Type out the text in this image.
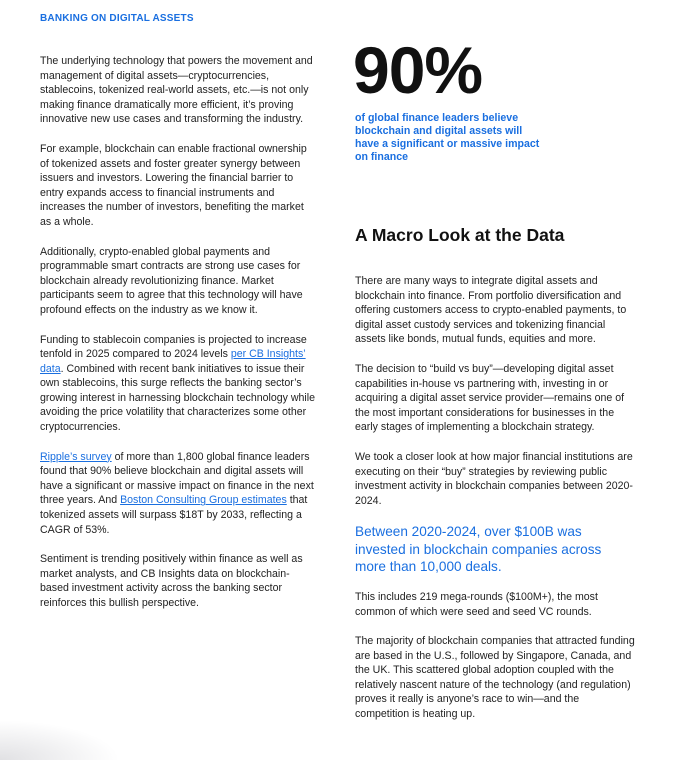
BANKING ON DIGITAL ASSETS

The underlying technology that powers the movement and management of digital assets—cryptocurrencies, stablecoins, tokenized real-world assets, etc.—is not only making finance dramatically more efficient, it’s proving innovative new use cases and transforming the industry.

For example, blockchain can enable fractional ownership of tokenized assets and foster greater synergy between issuers and investors. Lowering the financial barrier to entry expands access to financial instruments and increases the number of investors, benefiting the market as a whole.

Additionally, crypto-enabled global payments and programmable smart contracts are strong use cases for blockchain already revolutionizing finance. Market participants seem to agree that this technology will have profound effects on the industry as we know it.

Funding to stablecoin companies is projected to increase tenfold in 2025 compared to 2024 levels per CB Insights’ data. Combined with recent bank initiatives to issue their own stablecoins, this surge reflects the banking sector’s growing interest in harnessing blockchain technology while avoiding the price volatility that characterizes some other cryptocurrencies.

Ripple’s survey of more than 1,800 global finance leaders found that 90% believe blockchain and digital assets will have a significant or massive impact on finance in the next three years. And Boston Consulting Group estimates that tokenized assets will surpass $18T by 2033, reflecting a CAGR of 53%.

Sentiment is trending positively within finance as well as market analysts, and CB Insights data on blockchain-based investment activity across the banking sector reinforces this bullish perspective.

90%
of global finance leaders believe blockchain and digital assets will have a significant or massive impact on finance
A Macro Look at the Data

There are many ways to integrate digital assets and blockchain into finance. From portfolio diversification and offering customers access to crypto-enabled payments, to digital asset custody services and tokenizing financial assets like bonds, mutual funds, equities and more.

The decision to “build vs buy”—developing digital asset capabilities in-house vs partnering with, investing in or acquiring a digital asset service provider—remains one of the most important considerations for businesses in the early stages of implementing a blockchain strategy.

We took a closer look at how major financial institutions are executing on their “buy” strategies by reviewing public investment activity in blockchain companies between 2020-2024.

Between 2020-2024, over $100B was invested in blockchain companies across more than 10,000 deals.

This includes 219 mega-rounds ($100M+), the most common of which were seed and seed VC rounds.

The majority of blockchain companies that attracted funding are based in the U.S., followed by Singapore, Canada, and the UK. This scattered global adoption coupled with the relatively nascent nature of the technology (and regulation) proves it really is anyone’s race to win—and the competition is heating up.
